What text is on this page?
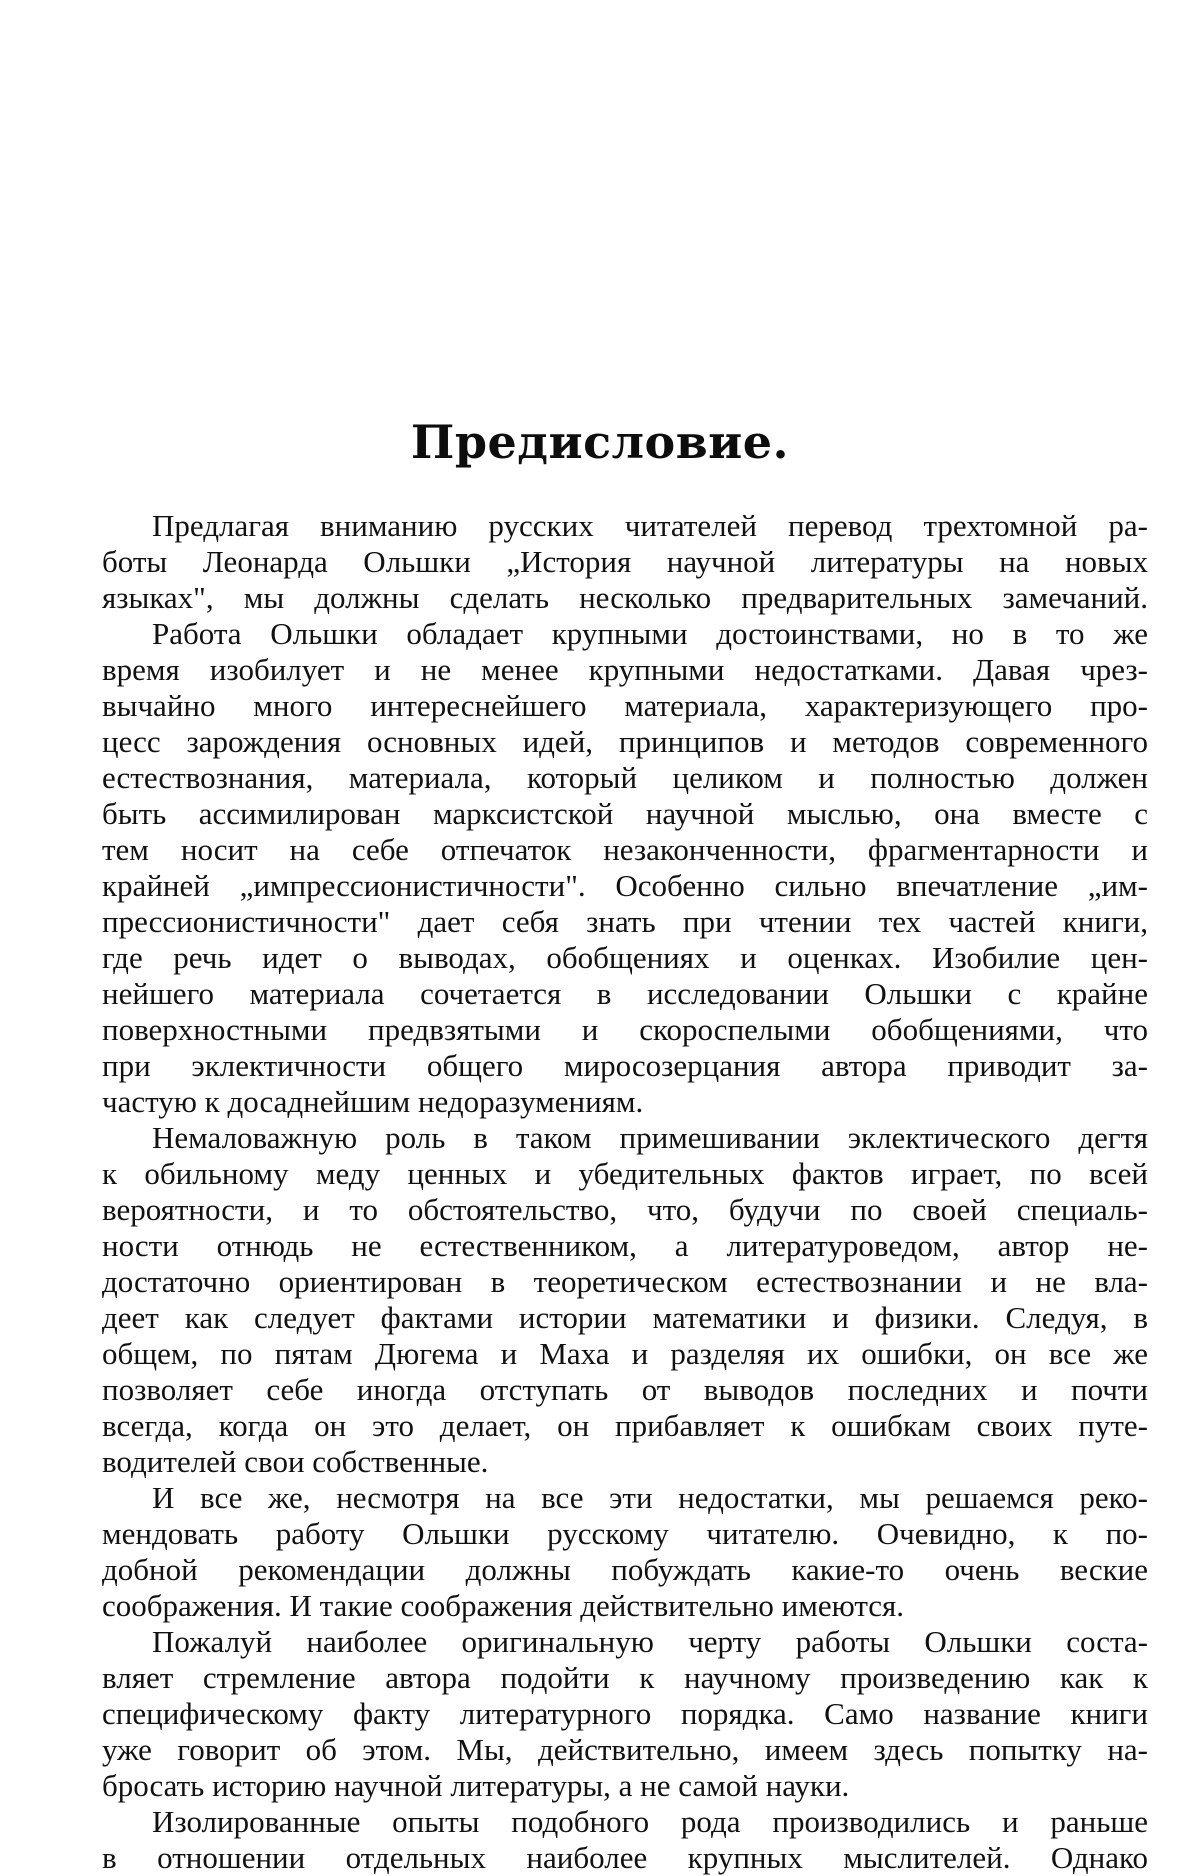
Предисловие.
Предлагая вниманию русских читателей перевод трехтомной ра-
боты Леонарда Ольшки „История научной литературы на новых
языках", мы должны сделать несколько предварительных замечаний.
Работа Ольшки обладает крупными достоинствами, но в то же
время изобилует и не менее крупными недостатками. Давая чрез-
вычайно много интереснейшего материала, характеризующего про-
цесс зарождения основных идей, принципов и методов современного
естествознания, материала, который целиком и полностью должен
быть ассимилирован марксистской научной мыслью, она вместе с
тем носит на себе отпечаток незаконченности, фрагментарности и
крайней „импрессионистичности". Особенно сильно впечатление „им-
прессионистичности" дает себя знать при чтении тех частей книги,
где речь идет о выводах, обобщениях и оценках. Изобилие цен-
нейшего материала сочетается в исследовании Ольшки с крайне
поверхностными предвзятыми и скороспелыми обобщениями, что
при эклектичности общего миросозерцания автора приводит за-
частую к досаднейшим недоразумениям.
Немаловажную роль в таком примешивании эклектического дегтя
к обильному меду ценных и убедительных фактов играет, по всей
вероятности, и то обстоятельство, что, будучи по своей специаль-
ности отнюдь не естественником, а литературоведом, автор не-
достаточно ориентирован в теоретическом естествознании и не вла-
деет как следует фактами истории математики и физики. Следуя, в
общем, по пятам Дюгема и Маха и разделяя их ошибки, он все же
позволяет себе иногда отступать от выводов последних и почти
всегда, когда он это делает, он прибавляет к ошибкам своих путе-
водителей свои собственные.
И все же, несмотря на все эти недостатки, мы решаемся реко-
мендовать работу Ольшки русскому читателю. Очевидно, к по-
добной рекомендации должны побуждать какие-то очень веские
соображения. И такие соображения действительно имеются.
Пожалуй наиболее оригинальную черту работы Ольшки соста-
вляет стремление автора подойти к научному произведению как к
специфическому факту литературного порядка. Само название книги
уже говорит об этом. Мы, действительно, имеем здесь попытку на-
бросать историю научной литературы, а не самой науки.
Изолированные опыты подобного рода производились и раньше
в отношении отдельных наиболее крупных мыслителей. Однако
